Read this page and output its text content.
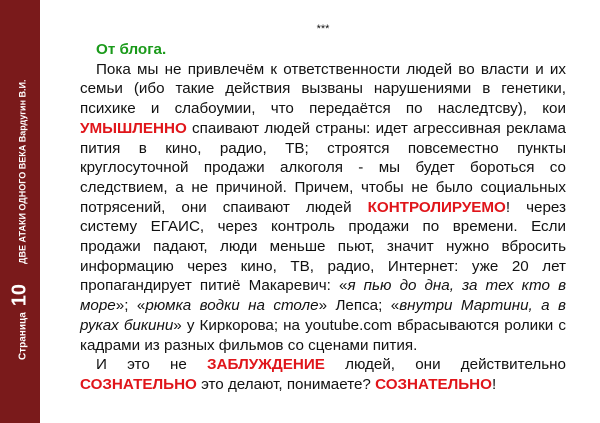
Страница
10
ДВЕ АТАКИ ОДНОГО ВЕКА Вардугин В.И.
***
От блога.

Пока мы не привлечём к ответственности людей во власти и их семьи (ибо такие действия вызваны нарушениями в генетики, психике и слабоумии, что передаётся по наследтсву), кои УМЫШЛЕННО спаивают людей страны: идет агрессивная реклама пития в кино, радио, ТВ; строятся повсеместно пункты круглосуточной продажи алкоголя - мы будет бороться со следствием, а не причиной. Причем, чтобы не было социальных потрясений, они спаивают людей КОНТРОЛИРУЕМО! через систему ЕГАИС, через контроль продажи по времени. Если продажи падают, люди меньше пьют, значит нужно вбросить информацию через кино, ТВ, радио, Интернет: уже 20 лет пропагандирует питиё Макаревич: «я пью до дна, за тех кто в море»; «рюмка водки на столе» Лепса; «внутри Мартини, а в руках бикини» у Киркорова; на youtube.com вбрасываются ролики с кадрами из разных фильмов со сценами пития.

И это не ЗАБЛУЖДЕНИЕ людей, они действительно СОЗНАТЕЛЬНО это делают, понимаете? СОЗНАТЕЛЬНО!
